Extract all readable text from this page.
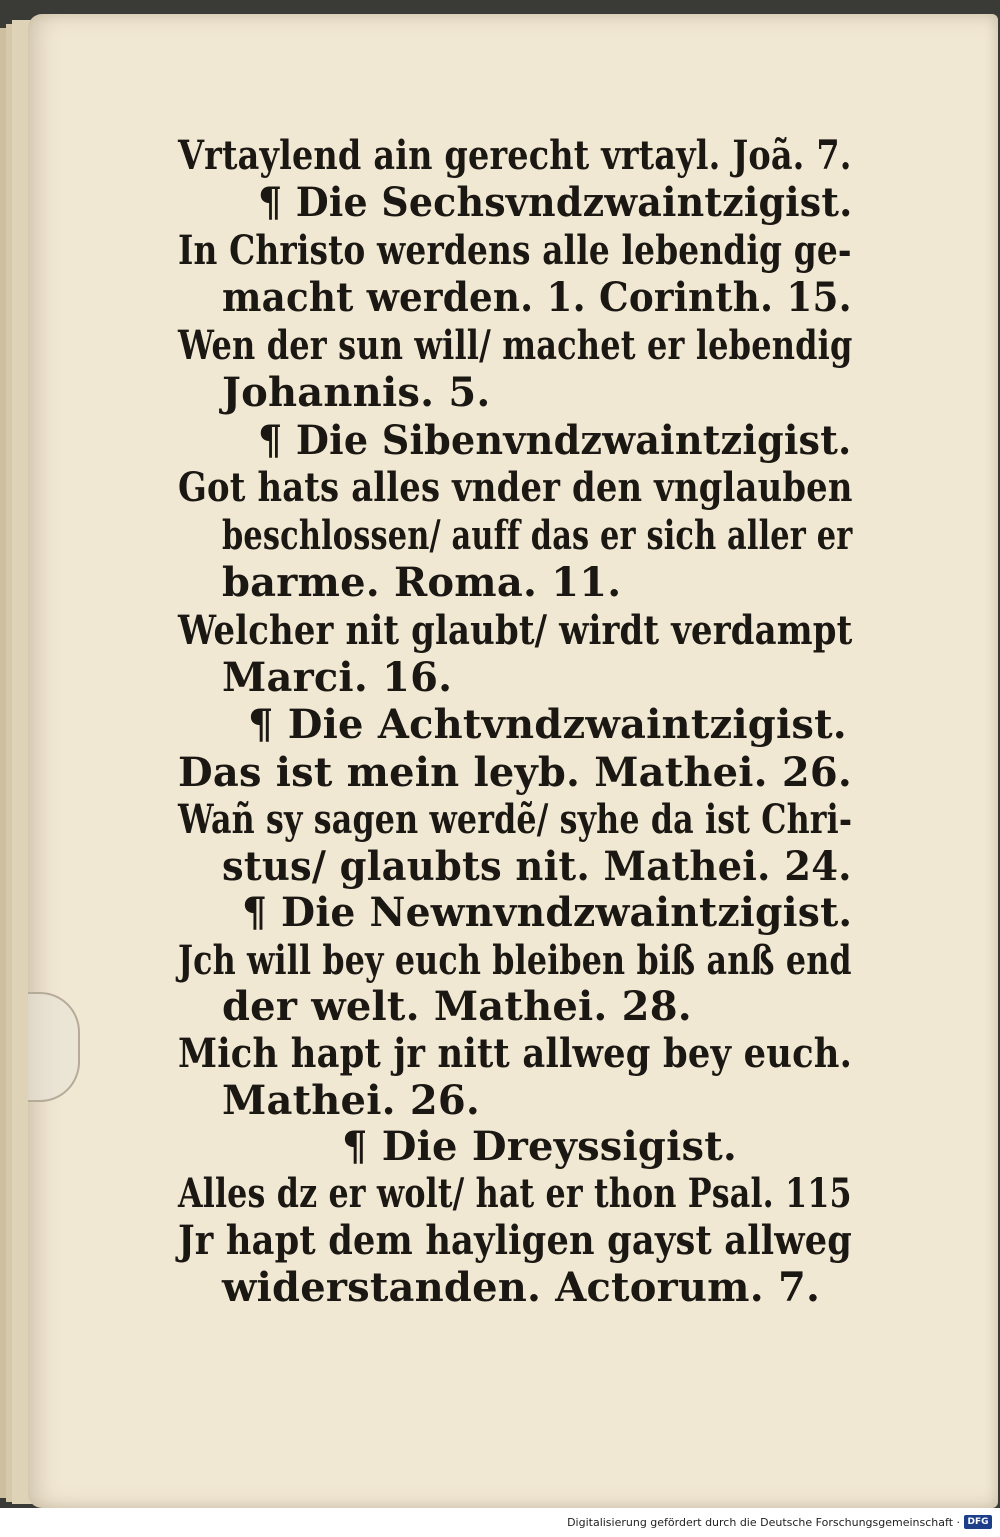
Vrtaylend ain gerecht vrtayl. Joã. 7.
¶ Die Sechsvndzwaintzigist.
In Christo werdens alle lebendig ge-
macht werden. 1. Corinth. 15.
Wen der sun will/ machet er lebendig
Johannis. 5.
¶ Die Sibenvndzwaintzigist.
Got hats alles vnder den vnglauben
beschlossen/ auff das er sich aller er
barme. Roma. 11.
Welcher nit glaubt/ wirdt verdampt
Marci. 16.
¶ Die Achtvndzwaintzigist.
Das ist mein leyb. Mathei. 26.
Wañ sy sagen werdẽ/ syhe da ist Chri-
stus/ glaubts nit. Mathei. 24.
¶ Die Newnvndzwaintzigist.
Jch will bey euch bleiben biß anß end
der welt. Mathei. 28.
Mich hapt jr nitt allweg bey euch.
Mathei. 26.
¶ Die Dreyssigist.
Alles dz er wolt/ hat er thon Psal. 115
Jr hapt dem hayligen gayst allweg
widerstanden. Actorum. 7.
Digitalisierung gefördert durch die Deutsche Forschungsgemeinschaft · DFG
